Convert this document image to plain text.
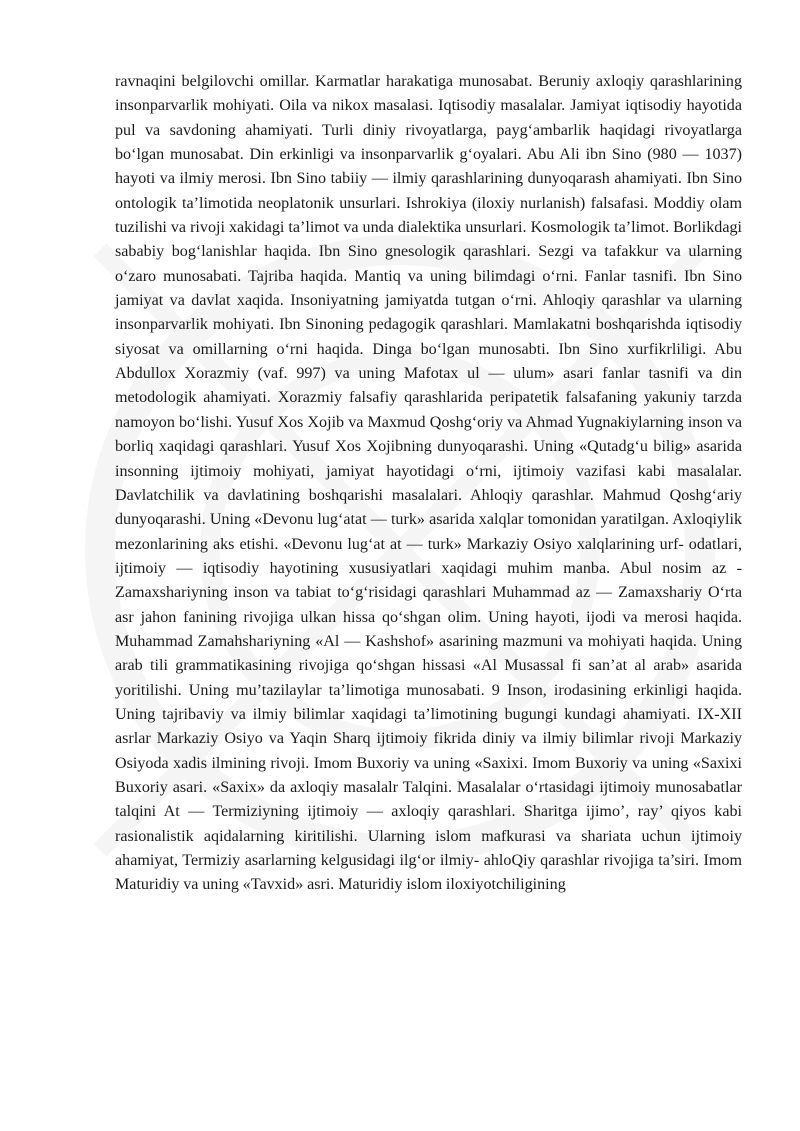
ravnaqini belgilovchi omillar. Karmatlar harakatiga munosabat. Beruniy axloqiy qarashlarining insonparvarlik mohiyati. Oila va nikox masalasi. Iqtisodiy masalalar. Jamiyat iqtisodiy hayotida pul va savdoning ahamiyati. Turli diniy rivoyatlarga, payg‘ambarlik haqidagi rivoyatlarga bo‘lgan munosabat. Din erkinligi va insonparvarlik g‘oyalari. Abu Ali ibn Sino (980 — 1037) hayoti va ilmiy merosi. Ibn Sino tabiiy — ilmiy qarashlarining dunyoqarash ahamiyati. Ibn Sino ontologik ta’limotida neoplatonik unsurlari. Ishrokiya (iloxiy nurlanish) falsafasi. Moddiy olam tuzilishi va rivoji xakidagi ta’limot va unda dialektika unsurlari. Kosmologik ta’limot. Borlikdagi sababiy bog‘lanishlar haqida. Ibn Sino gnesologik qarashlari. Sezgi va tafakkur va ularning o‘zaro munosabati. Tajriba haqida. Mantiq va uning bilimdagi o‘rni. Fanlar tasnifi. Ibn Sino jamiyat va davlat xaqida. Insoniyatning jamiyatda tutgan o‘rni. Ahloqiy qarashlar va ularning insonparvarlik mohiyati. Ibn Sinoning pedagogik qarashlari. Mamlakatni boshqarishda iqtisodiy siyosat va omillarning o‘rni haqida. Dinga bo‘lgan munosabti. Ibn Sino xurfikrliligi. Abu Abdullox Xorazmiy (vaf. 997) va uning Mafotax ul — ulum» asari fanlar tasnifi va din metodologik ahamiyati. Xorazmiy falsafiy qarashlarida peripatetik falsafaning yakuniy tarzda namoyon bo‘lishi. Yusuf Xos Xojib va Maxmud Qoshg‘oriy va Ahmad Yugnakiylarning inson va borliq xaqidagi qarashlari. Yusuf Xos Xojibning dunyoqarashi. Uning «Qutadg‘u bilig» asarida insonning ijtimoiy mohiyati, jamiyat hayotidagi o‘rni, ijtimoiy vazifasi kabi masalalar. Davlatchilik va davlatining boshqarishi masalalari. Ahloqiy qarashlar. Mahmud Qoshg‘ariy dunyoqarashi. Uning «Devonu lug‘atat — turk» asarida xalqlar tomonidan yaratilgan. Axloqiylik mezonlarining aks etishi. «Devonu lug‘at at — turk» Markaziy Osiyo xalqlarining urf- odatlari, ijtimoiy — iqtisodiy hayotining xususiyatlari xaqidagi muhim manba. Abul nosim az -Zamaxshariyning inson va tabiat to‘g‘risidagi qarashlari Muhammad az — Zamaxshariy O‘rta asr jahon fanining rivojiga ulkan hissa qo‘shgan olim. Uning hayoti, ijodi va merosi haqida. Muhammad Zamahshariyning «Al — Kashshof» asarining mazmuni va mohiyati haqida. Uning arab tili grammatikasining rivojiga qo‘shgan hissasi «Al Musassal fi san’at al arab» asarida yoritilishi. Uning mu’tazilaylar ta’limotiga munosabati. 9 Inson, irodasining erkinligi haqida. Uning tajribaviy va ilmiy bilimlar xaqidagi ta’limotining bugungi kundagi ahamiyati. IX-XII asrlar Markaziy Osiyo va Yaqin Sharq ijtimoiy fikrida diniy va ilmiy bilimlar rivoji Markaziy Osiyoda xadis ilmining rivoji. Imom Buxoriy va uning «Saxixi. Imom Buxoriy va uning «Saxixi Buxoriy asari. «Saxix» da axloqiy masalalr Talqini. Masalalar o‘rtasidagi ijtimoiy munosabatlar talqini At — Termiziyning ijtimoiy — axloqiy qarashlari. Sharitga ijimo’, ray’ qiyos kabi rasionalistik aqidalarning kiritilishi. Ularning islom mafkurasi va shariata uchun ijtimoiy ahamiyat, Termiziy asarlarning kelgusidagi ilg‘or ilmiy- ahloQiy qarashlar rivojiga ta’siri. Imom Maturidiy va uning «Tavxid» asri. Maturidiy islom iloxiyotchiligining
